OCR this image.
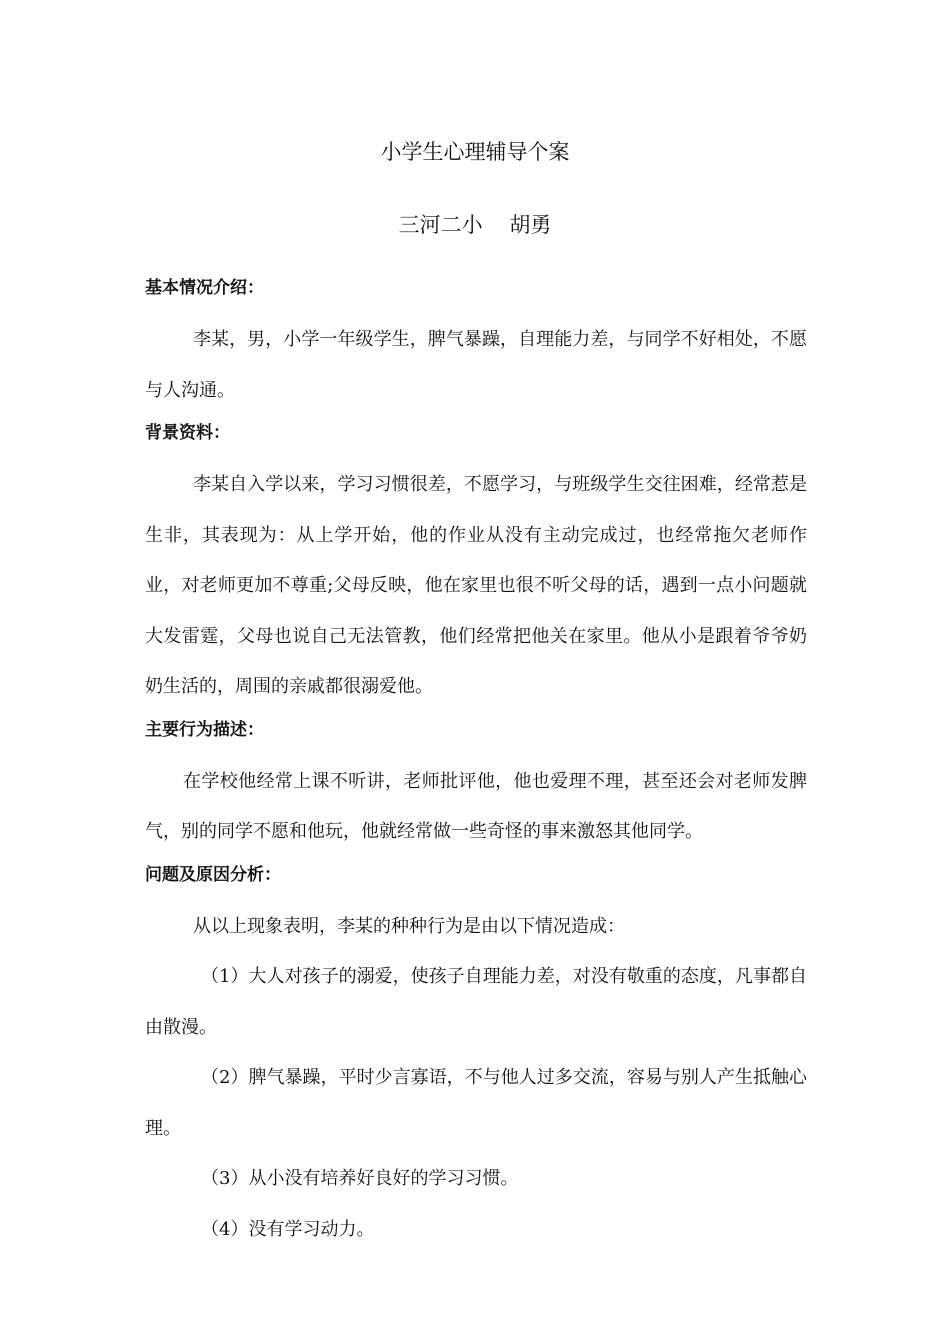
小学生心理辅导个案
三河二小    胡勇
基本情况介绍：

李某，男，小学一年级学生，脾气暴躁，自理能力差，与同学不好相处，不愿与人沟通。

背景资料：

李某自入学以来，学习习惯很差，不愿学习，与班级学生交往困难，经常惹是生非，其表现为：从上学开始，他的作业从没有主动完成过，也经常拖欠老师作业，对老师更加不尊重;父母反映，他在家里也很不听父母的话，遇到一点小问题就大发雷霆，父母也说自己无法管教，他们经常把他关在家里。他从小是跟着爷爷奶奶生活的，周围的亲戚都很溺爱他。

主要行为描述：

在学校他经常上课不听讲，老师批评他，他也爱理不理，甚至还会对老师发脾气，别的同学不愿和他玩，他就经常做一些奇怪的事来激怒其他同学。

问题及原因分析：

从以上现象表明，李某的种种行为是由以下情况造成：

（1）大人对孩子的溺爱，使孩子自理能力差，对没有敬重的态度，凡事都自由散漫。

（2）脾气暴躁，平时少言寡语，不与他人过多交流，容易与别人产生抵触心理。

（3）从小没有培养好良好的学习习惯。

（4）没有学习动力。
